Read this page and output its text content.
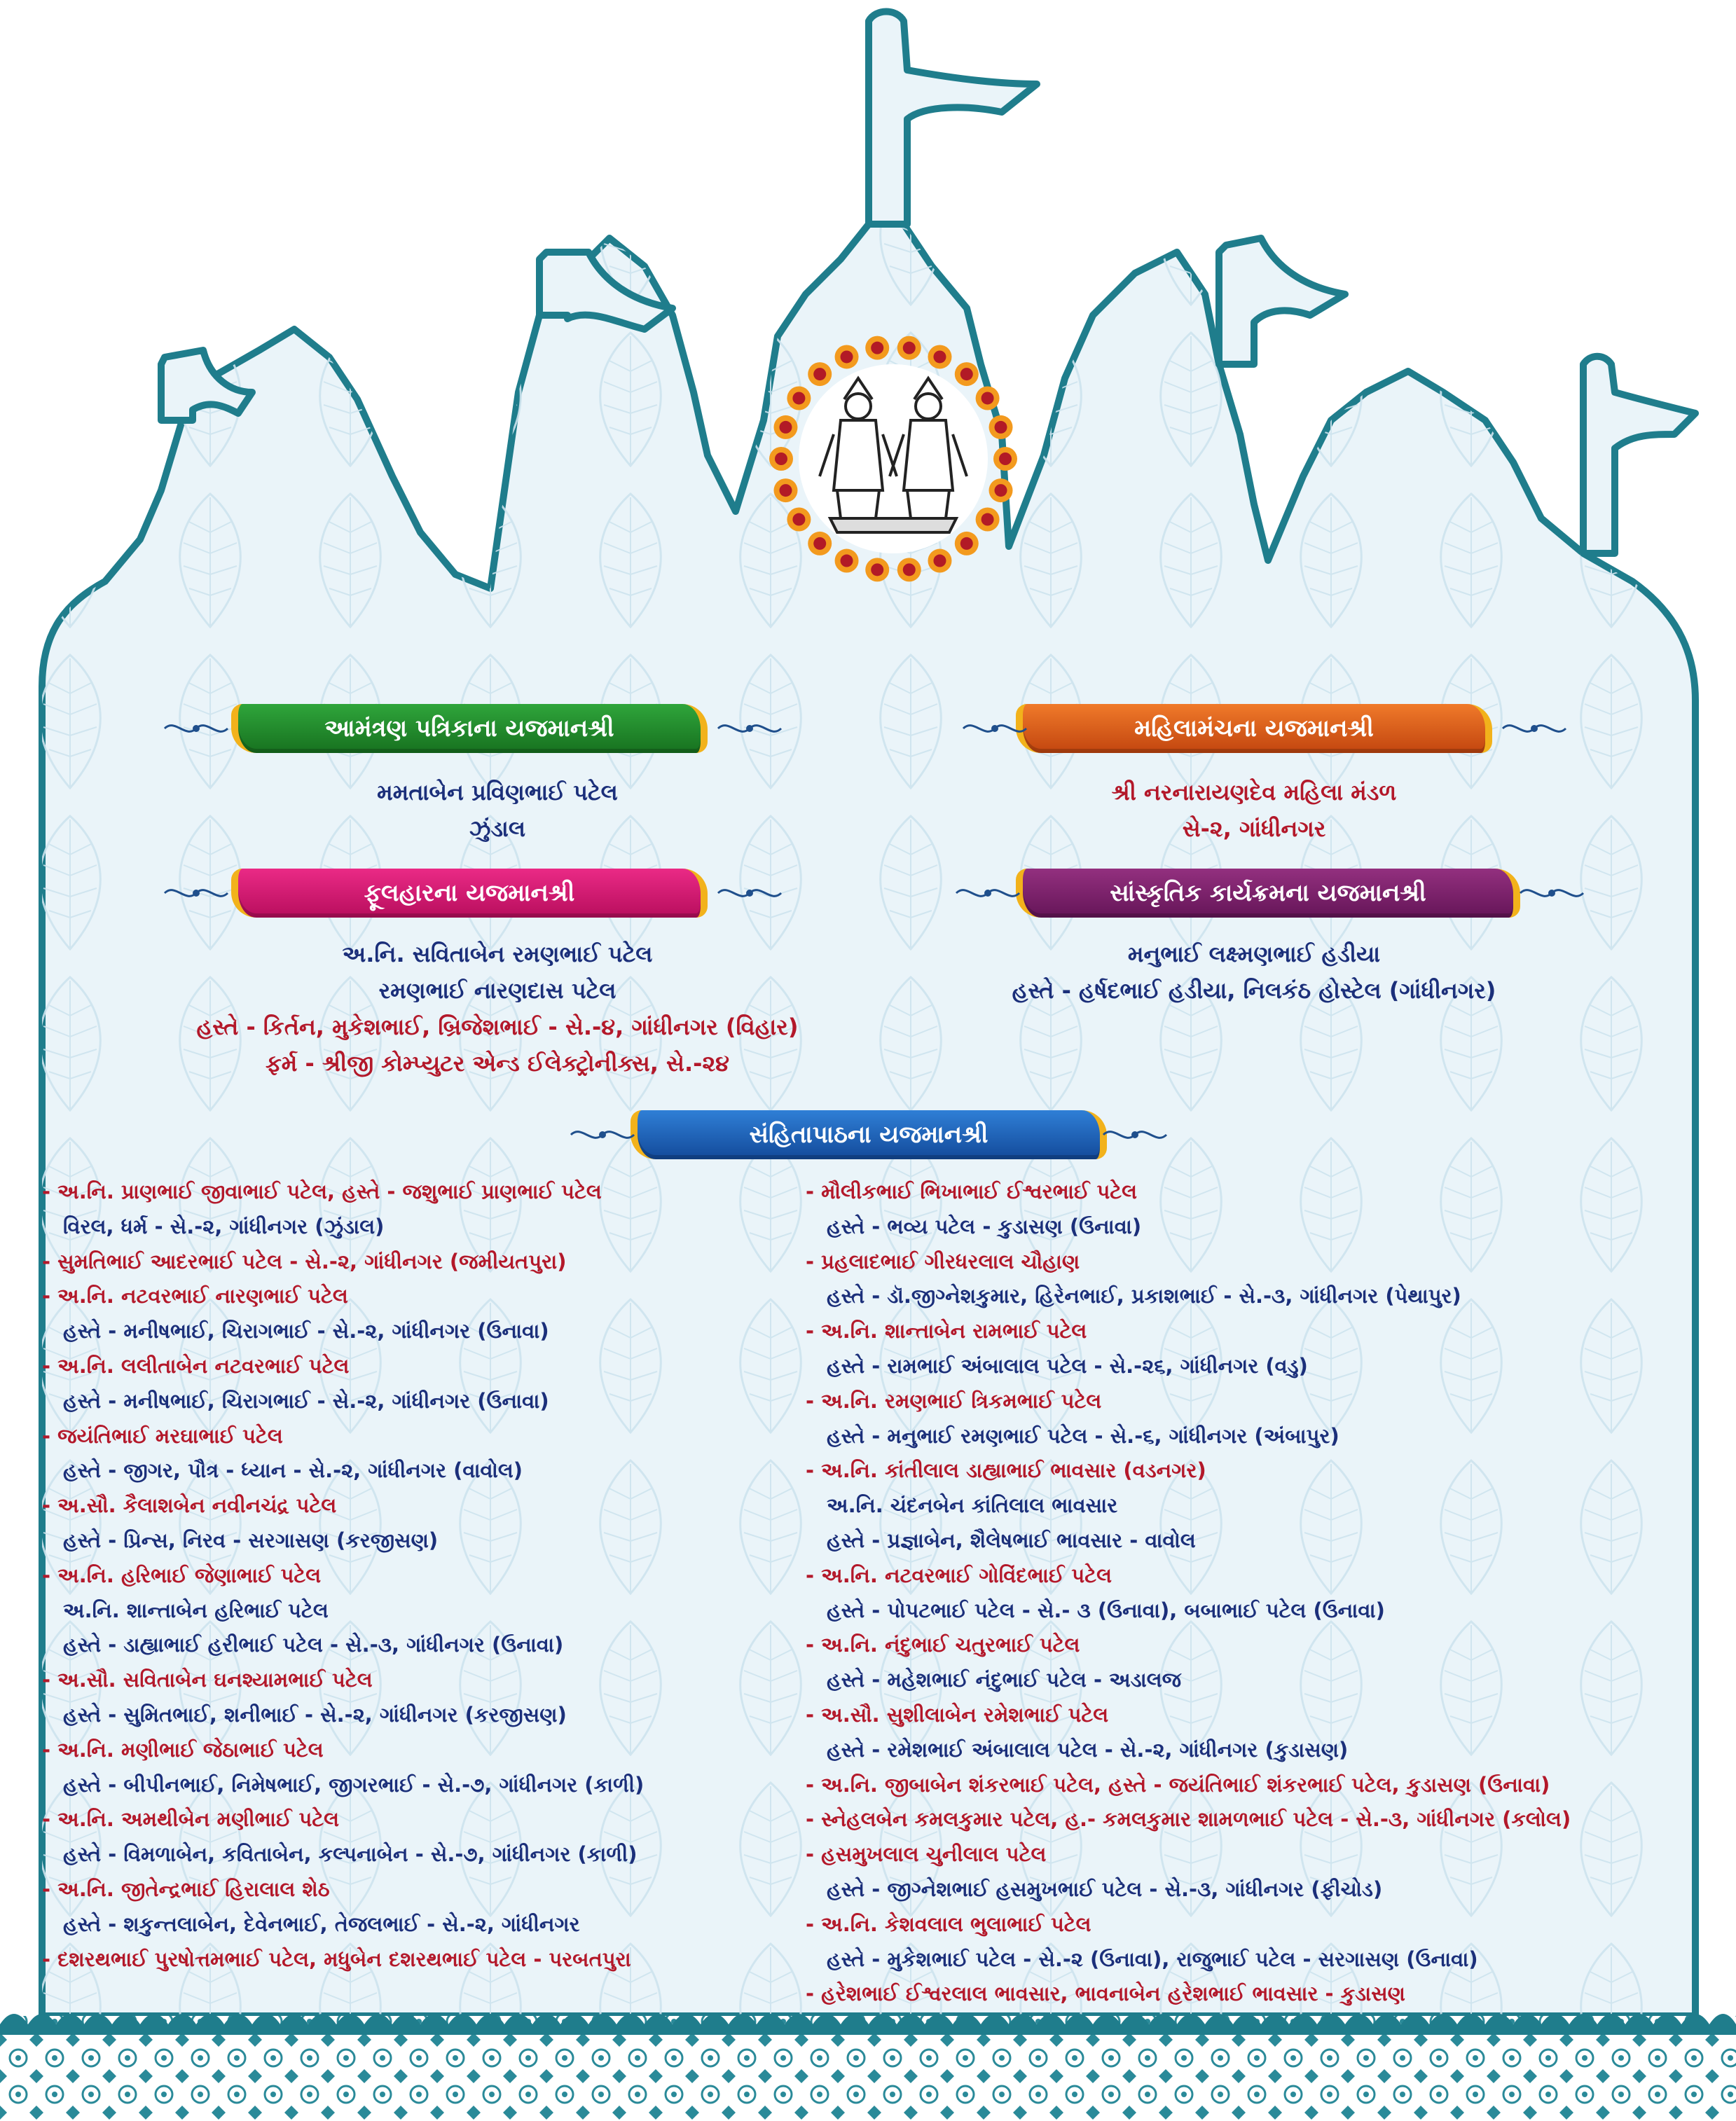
આમંત્રણ પત્રિકાના યજમાનશ્રી
મમતાબેન પ્રવિણભાઈ પટેલ
ઝુંડાલ
મહિલામંચના યજમાનશ્રી
શ્રી નરનારાયણદેવ મહિલા મંડળ
સે-૨, ગાંધીનગર
ફૂલહારના યજમાનશ્રી
અ.નિ. સવિતાબેન રમણભાઈ પટેલ
રમણભાઈ નારણદાસ પટેલ
હસ્તે - કિર્તન, મુકેશભાઈ, બ્રિજેશભાઈ - સે.-૪, ગાંધીનગર (વિહાર)
ફર્મ - શ્રીજી કોમ્પ્યુટર એન્ડ ઈલેક્ટ્રોનીક્સ, સે.-૨૪
સાંસ્કૃતિક કાર્યક્રમના યજમાનશ્રી
મનુભાઈ લક્ષ્મણભાઈ હડીયા
હસ્તે - હર્ષદભાઈ હડીયા, નિલકંઠ હોસ્ટેલ (ગાંધીનગર)
સંહિતાપાઠના યજમાનશ્રી
- અ.નિ. પ્રાણભાઈ જીવાભાઈ પટેલ, હસ્તે - જશુભાઈ પ્રાણભાઈ પટેલ
વિરલ, ધર્મ - સે.-૨, ગાંધીનગર (ઝુંડાલ)
- સુમતિભાઈ આદરભાઈ પટેલ - સે.-૨, ગાંધીનગર (જમીયતપુરા)
- અ.નિ. નટવરભાઈ નારણભાઈ પટેલ
હસ્તે - મનીષભાઈ, ચિરાગભાઈ - સે.-૨, ગાંધીનગર (ઉનાવા)
- અ.નિ. લલીતાબેન નટવરભાઈ પટેલ
હસ્તે - મનીષભાઈ, ચિરાગભાઈ - સે.-૨, ગાંધીનગર (ઉનાવા)
- જયંતિભાઈ મરઘાભાઈ પટેલ
હસ્તે - જીગર, પૌત્ર - ધ્યાન - સે.-૨, ગાંધીનગર (વાવોલ)
- અ.સૌ. કૈલાશબેન નવીનચંદ્ર પટેલ
હસ્તે - પ્રિન્સ, નિરવ - સરગાસણ (કરજીસણ)
- અ.નિ. હરિભાઈ જેણાભાઈ પટેલ
અ.નિ. શાન્તાબેન હરિભાઈ પટેલ
હસ્તે - ડાહ્યાભાઈ હરીભાઈ પટેલ - સે.-૩, ગાંધીનગર (ઉનાવા)
- અ.સૌ. સવિતાબેન ઘનશ્યામભાઈ પટેલ
હસ્તે - સુમિતભાઈ, શનીભાઈ - સે.-૨, ગાંધીનગર (કરજીસણ)
- અ.નિ. મણીભાઈ જેઠાભાઈ પટેલ
હસ્તે - બીપીનભાઈ, નિમેષભાઈ, જીગરભાઈ - સે.-૭, ગાંધીનગર (કાળી)
- અ.નિ. અમથીબેન મણીભાઈ પટેલ
હસ્તે - વિમળાબેન, કવિતાબેન, કલ્પનાબેન - સે.-૭, ગાંધીનગર (કાળી)
- અ.નિ. જીતેન્દ્રભાઈ હિરાલાલ શેઠ
હસ્તે - શકુન્તલાબેન, દેવેનભાઈ, તેજલભાઈ - સે.-૨, ગાંધીનગર
- દશરથભાઈ પુરષોત્તમભાઈ પટેલ, મધુબેન દશરથભાઈ પટેલ - પરબતપુરા
- મૌલીકભાઈ ભિખાભાઈ ઈશ્વરભાઈ પટેલ
હસ્તે - ભવ્ય પટેલ - કુડાસણ (ઉનાવા)
- પ્રહલાદભાઈ ગીરધરલાલ ચૌહાણ
હસ્તે - ડૉ.જીગ્નેશકુમાર, હિરેનભાઈ, પ્રકાશભાઈ - સે.-૩, ગાંધીનગર (પેથાપુર)
- અ.નિ. શાન્તાબેન રામભાઈ પટેલ
હસ્તે - રામભાઈ અંબાલાલ પટેલ - સે.-૨૬, ગાંધીનગર (વડુ)
- અ.નિ. રમણભાઈ ત્રિકમભાઈ પટેલ
હસ્તે - મનુભાઈ રમણભાઈ પટેલ - સે.-૬, ગાંધીનગર (અંબાપુર)
- અ.નિ. કાંતીલાલ ડાહ્યાભાઈ ભાવસાર (વડનગર)
અ.નિ. ચંદનબેન કાંતિલાલ ભાવસાર
હસ્તે - પ્રજ્ઞાબેન, શૈલેષભાઈ ભાવસાર - વાવોલ
- અ.નિ. નટવરભાઈ ગોવિંદભાઈ પટેલ
હસ્તે - પોપટભાઈ પટેલ - સે.- ૩ (ઉનાવા), બબાભાઈ પટેલ (ઉનાવા)
- અ.નિ. નંદુભાઈ ચતુરભાઈ પટેલ
હસ્તે - મહેશભાઈ નંદુભાઈ પટેલ - અડાલજ
- અ.સૌ. સુશીલાબેન રમેશભાઈ પટેલ
હસ્તે - રમેશભાઈ અંબાલાલ પટેલ - સે.-૨, ગાંધીનગર (કુડાસણ)
- અ.નિ. જીબાબેન શંકરભાઈ પટેલ, હસ્તે - જયંતિભાઈ શંકરભાઈ પટેલ, કુડાસણ (ઉનાવા)
- સ્નેહલબેન કમલકુમાર પટેલ, હ.- કમલકુમાર શામળભાઈ પટેલ - સે.-૩, ગાંધીનગર (કલોલ)
- હસમુખલાલ ચુનીલાલ પટેલ
હસ્તે - જીગ્નેશભાઈ હસમુખભાઈ પટેલ - સે.-૩, ગાંધીનગર (ફીચોડ)
- અ.નિ. કેશવલાલ ભુલાભાઈ પટેલ
હસ્તે - મુકેશભાઈ પટેલ - સે.-૨ (ઉનાવા), રાજુભાઈ પટેલ - સરગાસણ (ઉનાવા)
- હરેશભાઈ ઈશ્વરલાલ ભાવસાર, ભાવનાબેન હરેશભાઈ ભાવસાર - કુડાસણ
